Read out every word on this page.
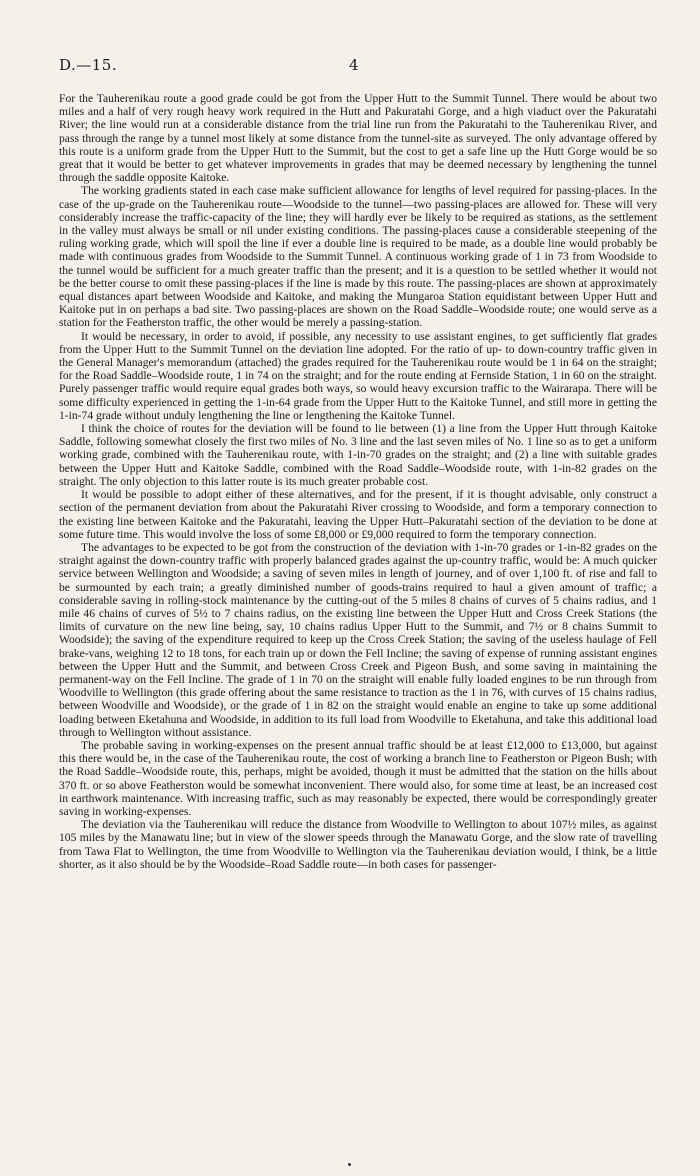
D.—15.	4

For the Tauherenikau route a good grade could be got from the Upper Hutt to the Summit Tunnel. There would be about two miles and a half of very rough heavy work required in the Hutt and Pakuratahi Gorge, and a high viaduct over the Pakuratahi River; the line would run at a considerable distance from the trial line run from the Pakuratahi to the Tauherenikau River, and pass through the range by a tunnel most likely at some distance from the tunnel-site as surveyed. The only advantage offered by this route is a uniform grade from the Upper Hutt to the Summit, but the cost to get a safe line up the Hutt Gorge would be so great that it would be better to get whatever improvements in grades that may be deemed necessary by lengthening the tunnel through the saddle opposite Kaitoke.

The working gradients stated in each case make sufficient allowance for lengths of level required for passing-places. In the case of the up-grade on the Tauherenikau route—Woodside to the tunnel—two passing-places are allowed for. These will very considerably increase the traffic-capacity of the line; they will hardly ever be likely to be required as stations, as the settlement in the valley must always be small or nil under existing conditions. The passing-places cause a considerable steepening of the ruling working grade, which will spoil the line if ever a double line is required to be made, as a double line would probably be made with continuous grades from Woodside to the Summit Tunnel. A continuous working grade of 1 in 73 from Woodside to the tunnel would be sufficient for a much greater traffic than the present; and it is a question to be settled whether it would not be the better course to omit these passing-places if the line is made by this route. The passing-places are shown at approximately equal distances apart between Woodside and Kaitoke, and making the Mungaroa Station equidistant between Upper Hutt and Kaitoke put in on perhaps a bad site. Two passing-places are shown on the Road Saddle–Woodside route; one would serve as a station for the Featherston traffic, the other would be merely a passing-station.

It would be necessary, in order to avoid, if possible, any necessity to use assistant engines, to get sufficiently flat grades from the Upper Hutt to the Summit Tunnel on the deviation line adopted. For the ratio of up- to down-country traffic given in the General Manager's memorandum (attached) the grades required for the Tauherenikau route would be 1 in 64 on the straight; for the Road Saddle–Woodside route, 1 in 74 on the straight; and for the route ending at Fernside Station, 1 in 60 on the straight. Purely passenger traffic would require equal grades both ways, so would heavy excursion traffic to the Wairarapa. There will be some difficulty experienced in getting the 1-in-64 grade from the Upper Hutt to the Kaitoke Tunnel, and still more in getting the 1-in-74 grade without unduly lengthening the line or lengthening the Kaitoke Tunnel.

I think the choice of routes for the deviation will be found to lie between (1) a line from the Upper Hutt through Kaitoke Saddle, following somewhat closely the first two miles of No. 3 line and the last seven miles of No. 1 line so as to get a uniform working grade, combined with the Tauherenikau route, with 1-in-70 grades on the straight; and (2) a line with suitable grades between the Upper Hutt and Kaitoke Saddle, combined with the Road Saddle–Woodside route, with 1-in-82 grades on the straight. The only objection to this latter route is its much greater probable cost.

It would be possible to adopt either of these alternatives, and for the present, if it is thought advisable, only construct a section of the permanent deviation from about the Pakuratahi River crossing to Woodside, and form a temporary connection to the existing line between Kaitoke and the Pakuratahi, leaving the Upper Hutt–Pakuratahi section of the deviation to be done at some future time. This would involve the loss of some £8,000 or £9,000 required to form the temporary connection.

The advantages to be expected to be got from the construction of the deviation with 1-in-70 grades or 1-in-82 grades on the straight against the down-country traffic with properly balanced grades against the up-country traffic, would be: A much quicker service between Wellington and Woodside; a saving of seven miles in length of journey, and of over 1,100 ft. of rise and fall to be surmounted by each train; a greatly diminished number of goods-trains required to haul a given amount of traffic; a considerable saving in rolling-stock maintenance by the cutting-out of the 5 miles 8 chains of curves of 5 chains radius, and 1 mile 46 chains of curves of 5½ to 7 chains radius, on the existing line between the Upper Hutt and Cross Creek Stations (the limits of curvature on the new line being, say, 10 chains radius Upper Hutt to the Summit, and 7½ or 8 chains Summit to Woodside); the saving of the expenditure required to keep up the Cross Creek Station; the saving of the useless haulage of Fell brake-vans, weighing 12 to 18 tons, for each train up or down the Fell Incline; the saving of expense of running assistant engines between the Upper Hutt and the Summit, and between Cross Creek and Pigeon Bush, and some saving in maintaining the permanent-way on the Fell Incline. The grade of 1 in 70 on the straight will enable fully loaded engines to be run through from Woodville to Wellington (this grade offering about the same resistance to traction as the 1 in 76, with curves of 15 chains radius, between Woodville and Woodside), or the grade of 1 in 82 on the straight would enable an engine to take up some additional loading between Eketahuna and Woodside, in addition to its full load from Woodville to Eketahuna, and take this additional load through to Wellington without assistance.

The probable saving in working-expenses on the present annual traffic should be at least £12,000 to £13,000, but against this there would be, in the case of the Tauherenikau route, the cost of working a branch line to Featherston or Pigeon Bush; with the Road Saddle–Woodside route, this, perhaps, might be avoided, though it must be admitted that the station on the hills about 370 ft. or so above Featherston would be somewhat inconvenient. There would also, for some time at least, be an increased cost in earthwork maintenance. With increasing traffic, such as may reasonably be expected, there would be correspondingly greater saving in working-expenses.

The deviation via the Tauherenikau will reduce the distance from Woodville to Wellington to about 107½ miles, as against 105 miles by the Manawatu line; but in view of the slower speeds through the Manawatu Gorge, and the slow rate of travelling from Tawa Flat to Wellington, the time from Woodville to Wellington via the Tauherenikau deviation would, I think, be a little shorter, as it also should be by the Woodside–Road Saddle route—in both cases for passenger-
